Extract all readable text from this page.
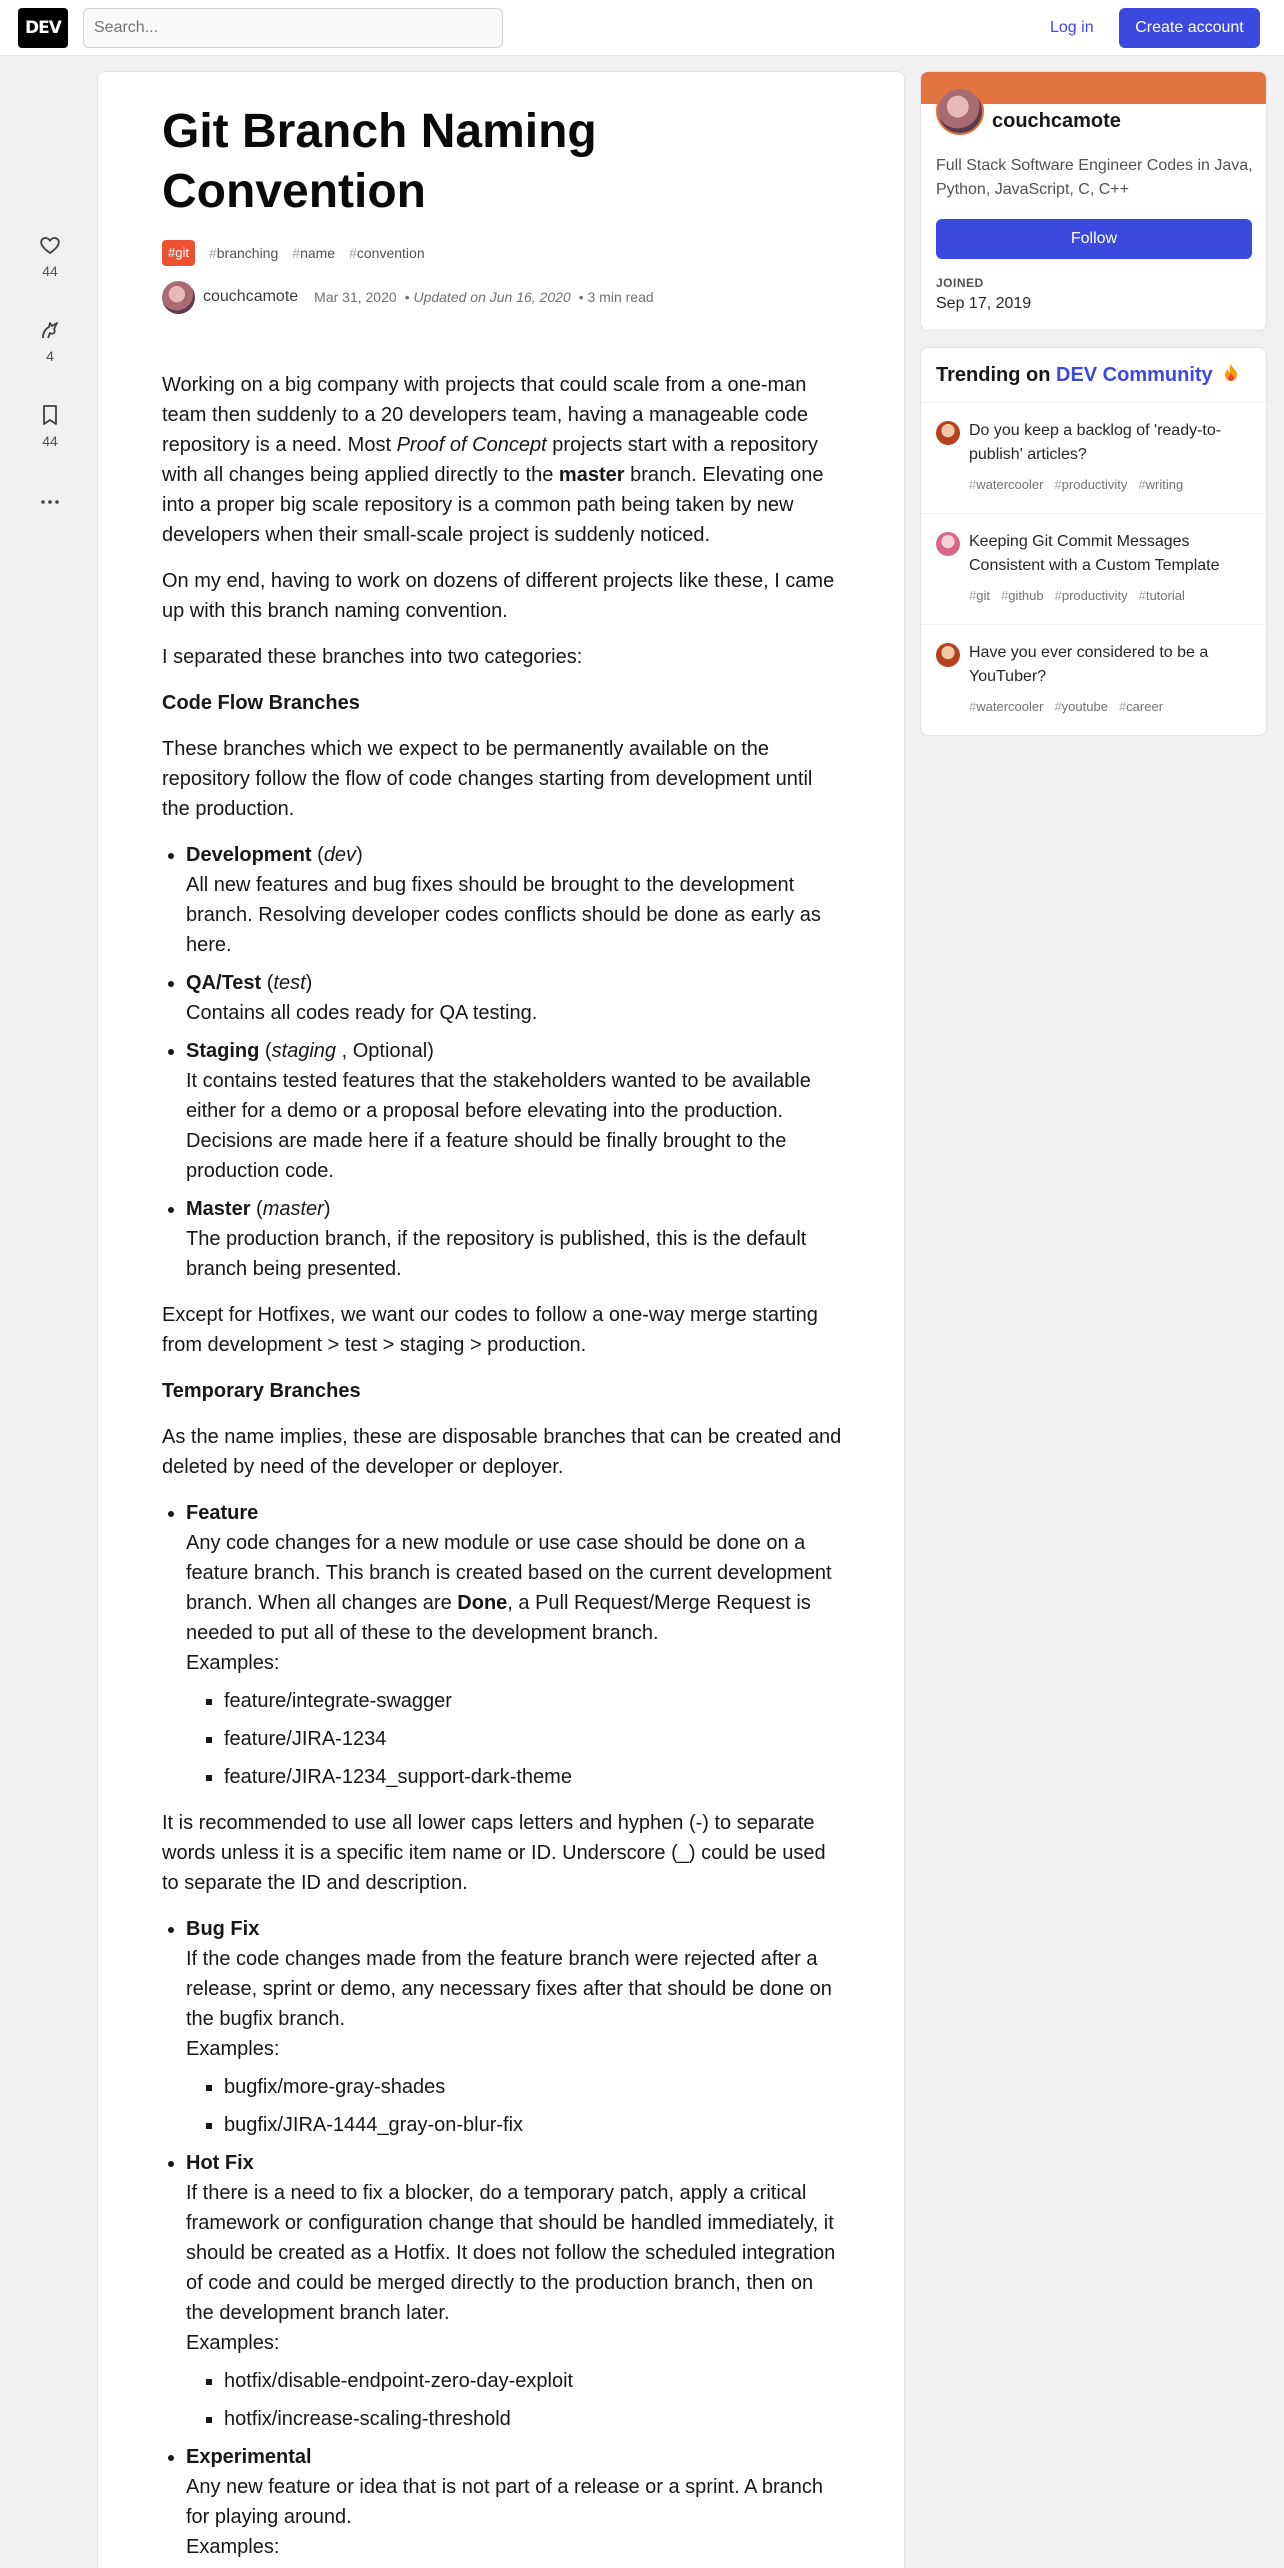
DEV
Search...	Log in	Create account
44
4
44
Git Branch Naming Convention
#git	#branching #name #convention
couchcamote Mar 31, 2020 • Updated on Jun 16, 2020 • 3 min read

Working on a big company with projects that could scale from a one-man team then suddenly to a 20 developers team, having a manageable code repository is a need. Most Proof of Concept projects start with a repository with all changes being applied directly to the master branch. Elevating one into a proper big scale repository is a common path being taken by new developers when their small-scale project is suddenly noticed.

On my end, having to work on dozens of different projects like these, I came up with this branch naming convention.

I separated these branches into two categories:

Code Flow Branches

These branches which we expect to be permanently available on the repository follow the flow of code changes starting from development until the production.

• Development (dev)
All new features and bug fixes should be brought to the development branch. Resolving developer codes conflicts should be done as early as here.
• QA/Test (test)
Contains all codes ready for QA testing.
• Staging (staging , Optional)
It contains tested features that the stakeholders wanted to be available either for a demo or a proposal before elevating into the production. Decisions are made here if a feature should be finally brought to the production code.
• Master (master)
The production branch, if the repository is published, this is the default branch being presented.

Except for Hotfixes, we want our codes to follow a one-way merge starting from development > test > staging > production.

Temporary Branches

As the name implies, these are disposable branches that can be created and deleted by need of the developer or deployer.

• Feature
Any code changes for a new module or use case should be done on a feature branch. This branch is created based on the current development branch. When all changes are Done, a Pull Request/Merge Request is needed to put all of these to the development branch.
Examples:
▪ feature/integrate-swagger
▪ feature/JIRA-1234
▪ feature/JIRA-1234_support-dark-theme

It is recommended to use all lower caps letters and hyphen (-) to separate words unless it is a specific item name or ID. Underscore (_) could be used to separate the ID and description.

• Bug Fix
If the code changes made from the feature branch were rejected after a release, sprint or demo, any necessary fixes after that should be done on the bugfix branch.
Examples:
▪ bugfix/more-gray-shades
▪ bugfix/JIRA-1444_gray-on-blur-fix
• Hot Fix
If there is a need to fix a blocker, do a temporary patch, apply a critical framework or configuration change that should be handled immediately, it should be created as a Hotfix. It does not follow the scheduled integration of code and could be merged directly to the production branch, then on the development branch later.
Examples:
▪ hotfix/disable-endpoint-zero-day-exploit
▪ hotfix/increase-scaling-threshold
• Experimental
Any new feature or idea that is not part of a release or a sprint. A branch for playing around.
Examples:
couchcamote
Full Stack Software Engineer Codes in Java, Python, JavaScript, C, C++
Follow
JOINED
Sep 17, 2019
Trending on DEV Community
Do you keep a backlog of 'ready-to-publish' articles?
#watercooler #productivity #writing
Keeping Git Commit Messages Consistent with a Custom Template
#git #github #productivity #tutorial
Have you ever considered to be a YouTuber?
#watercooler #youtube #career
